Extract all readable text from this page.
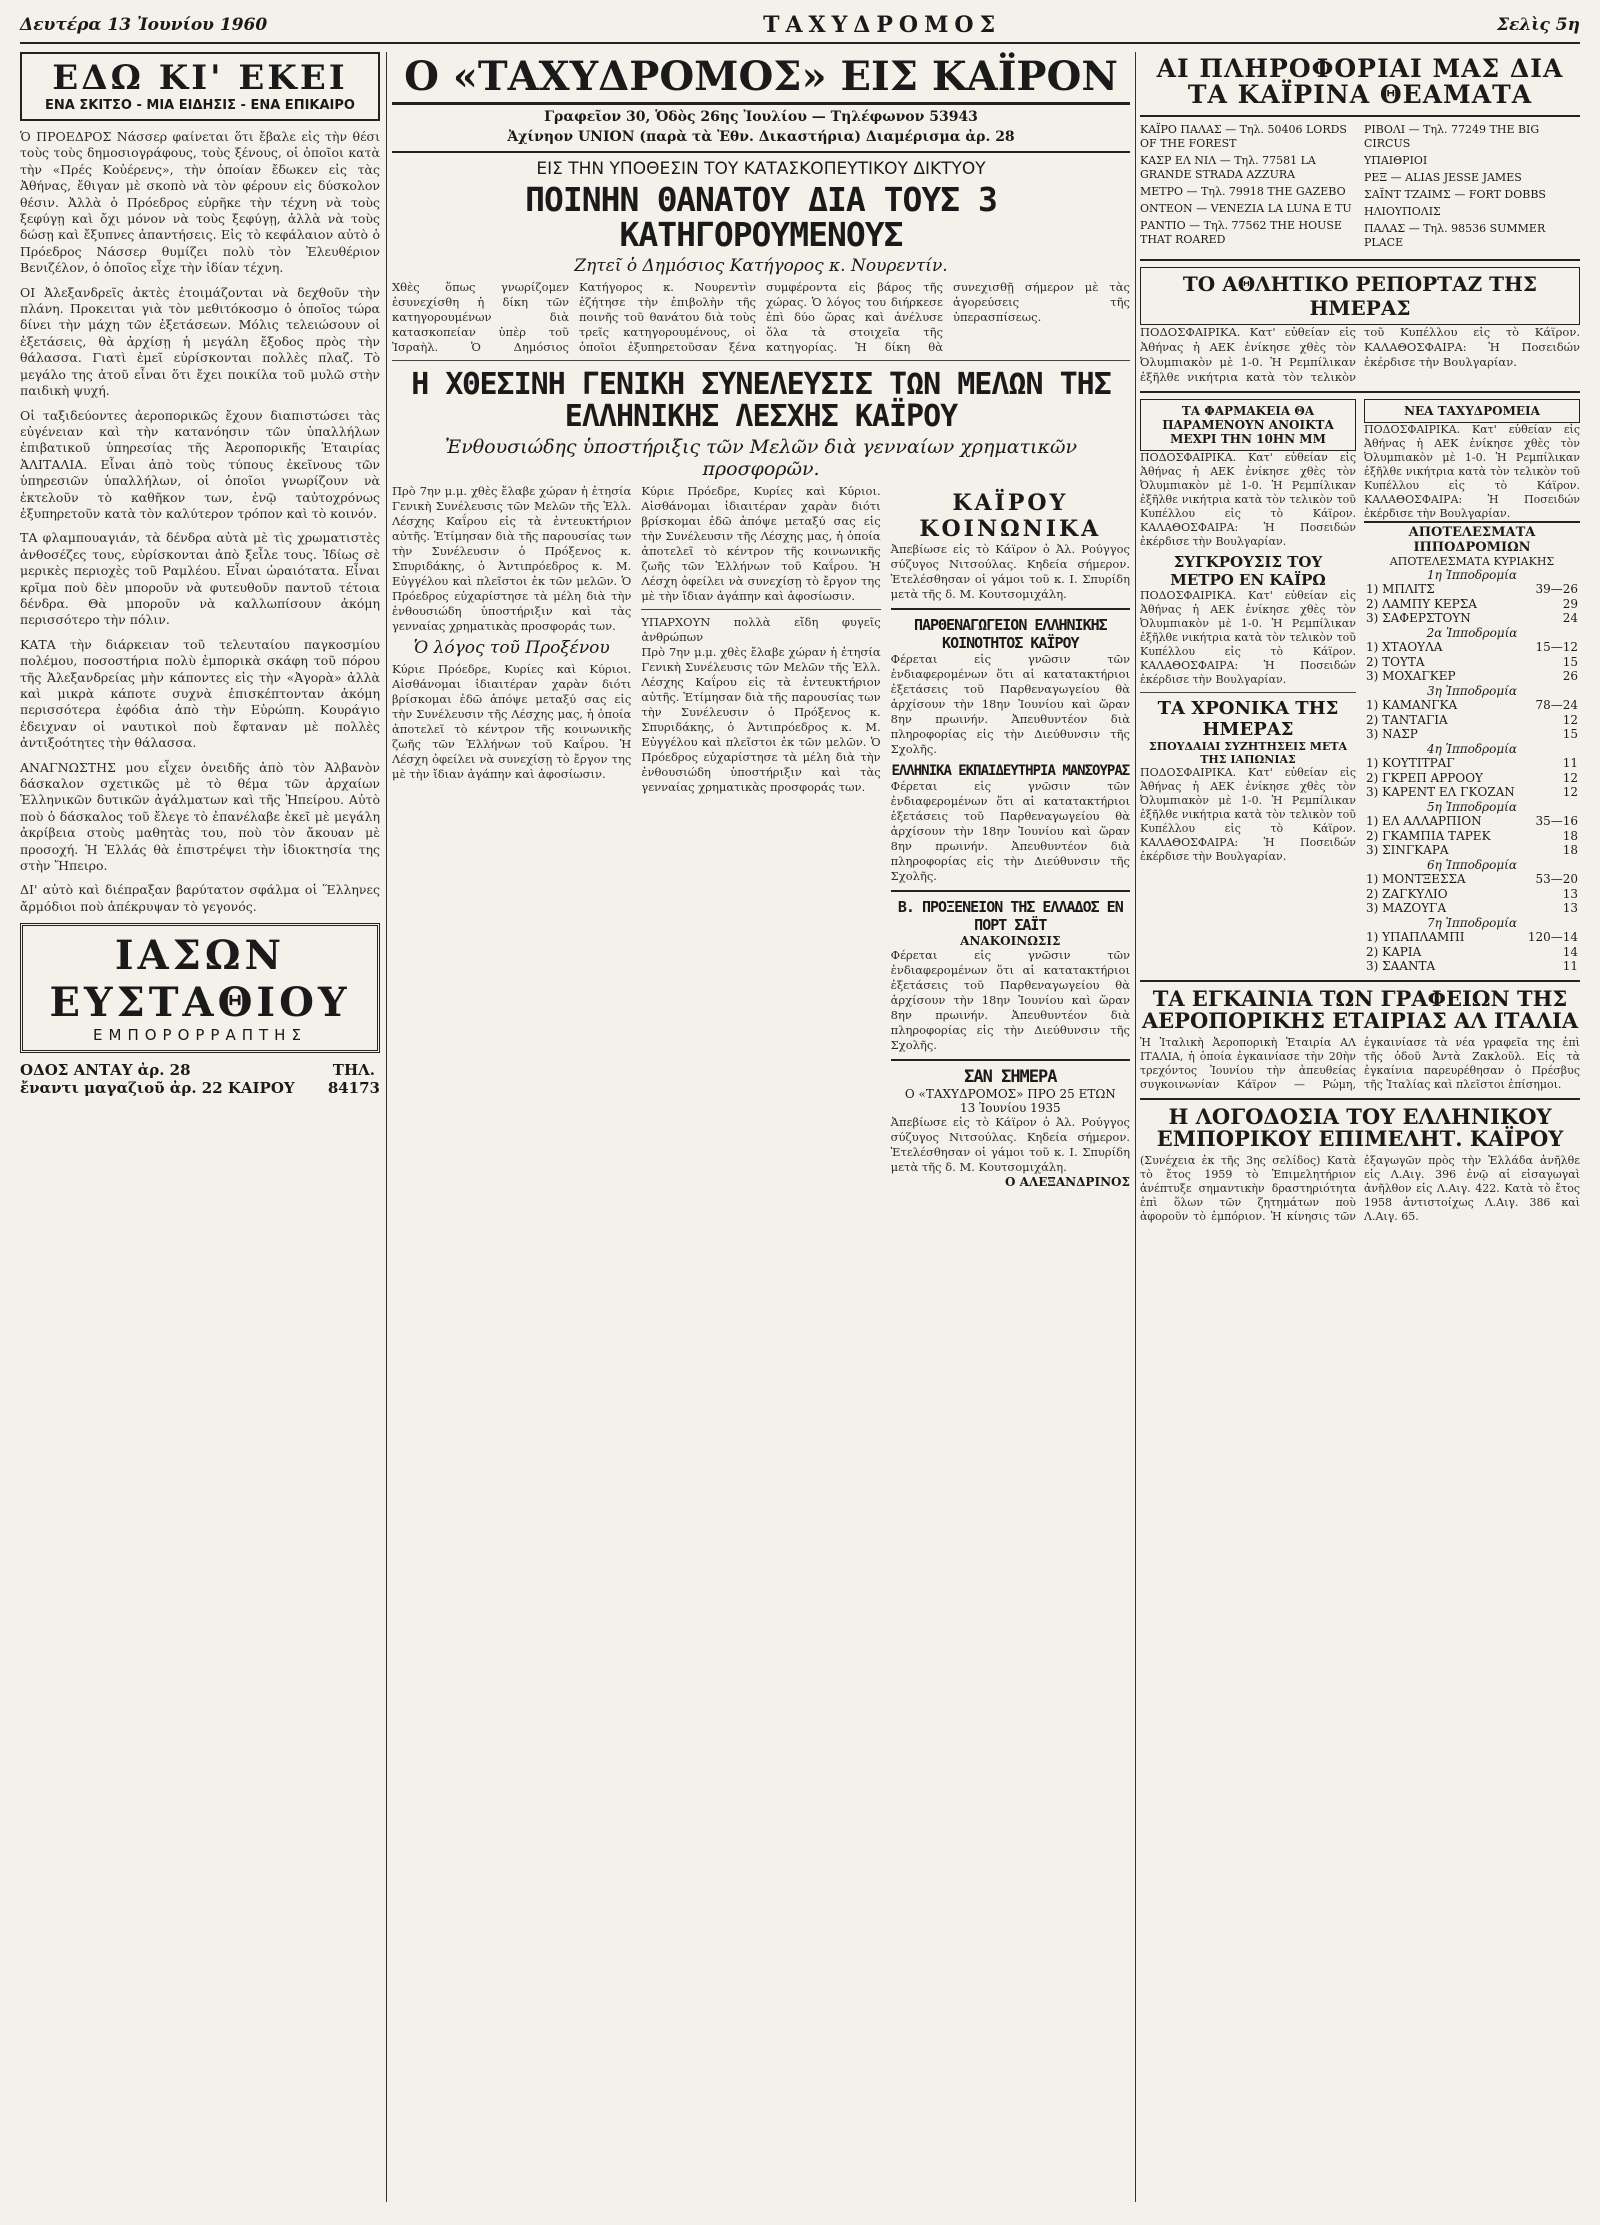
Δευτέρα 13 Ἰουνίου 1960	ΤΑΧΥΔΡΟΜΟΣ	Σελὶς 5η
ΕΔΩ ΚΙ' ΕΚΕΙ
ΕΝΑ ΣΚΙΤΣΟ - ΜΙΑ ΕΙΔΗΣΙΣ - ΕΝΑ ΕΠΙΚΑΙΡΟ

Ὁ ΠΡΟΕΔΡΟΣ Νάσσερ φαίνεται ὅτι ἔβαλε εἰς τὴν θέσι τοὺς τοὺς δημοσιογράφους, τοὺς ξένους, οἱ ὁποῖοι κατὰ τὴν «Πρές Κοὐέρενς», τὴν ὁποίαν ἔδωκεν εἰς τὰς Ἀθήνας, ἔθιγαν μὲ σκοπὸ νὰ τὸν φέρουν εἰς δύσκολον θέσιν. Ἀλλὰ ὁ Πρόεδρος εὑρῆκε τὴν τέχνη νὰ τοὺς ξεφύγῃ καὶ ὄχι μόνον νὰ τοὺς ξεφύγῃ, ἀλλὰ νὰ τοὺς δώσῃ καὶ ἔξυπνες ἀπαντήσεις. Εἰς τὸ κεφάλαιον αὐτὸ ὁ Πρόεδρος Νάσσερ θυμίζει πολὺ τὸν Ἐλευθέριον Βενιζέλον, ὁ ὁποῖος εἶχε τὴν ἰδίαν τέχνη.

ΟΙ Ἀλεξανδρεῖς ἀκτὲς ἐτοιμάζονται νὰ δεχθοῦν τὴν πλάνη. Προκειται γιὰ τὸν μεθιτόκοσμο ὁ ὁποῖος τώρα δίνει τὴν μάχη τῶν ἐξετάσεων. Μόλις τελειώσουν οἱ ἐξετάσεις, θὰ ἀρχίσῃ ἡ μεγάλη ἔξοδος πρὸς τὴν θάλασσα. Γιατὶ ἐμεῖ εὑρίσκονται πολλὲς πλαζ. Τὸ μεγάλο της ἀτοῦ εἶναι ὅτι ἔχει ποικίλα τοῦ μυλῶ στὴν παιδικὴ ψυχή.

Οἱ ταξιδεύοντες ἀεροπορικῶς ἔχουν διαπιστώσει τὰς εὐγένειαν καὶ τὴν κατανόησιν τῶν ὑπαλλήλων ἐπιβατικοῦ ὑπηρεσίας τῆς Ἀεροπορικῆς Ἑταιρίας ἈΛΙΤΑΛΙΑ. Εἶναι ἀπὸ τοὺς τύπους ἐκεῖνους τῶν ὑπηρεσιῶν ὑπαλλήλων, οἱ ὁποῖοι γνωρίζουν νὰ ἐκτελοῦν τὸ καθῆκον των, ἐνῷ ταὐτοχρόνως ἐξυπηρετοῦν κατὰ τὸν καλύτερον τρόπον καὶ τὸ κοινόν.

ΤΑ φλαμπουαγιάν, τὰ δένδρα αὐτὰ μὲ τὶς χρωματιστὲς ἀνθοσέζες τους, εὑρίσκονται ἀπὸ ξεἶλε τους. Ἰδίως σὲ μερικὲς περιοχὲς τοῦ Ραμλέου. Εἶναι ὡραιότατα. Εἶναι κρῖμα ποὺ δὲν μποροῦν νὰ φυτευθοῦν παντοῦ τέτοια δένδρα. Θὰ μποροῦν νὰ καλλωπίσουν ἀκόμη περισσότερο τὴν πόλιν.

ΚΑΤΑ τὴν διάρκειαν τοῦ τελευταίου παγκοσμίου πολέμου, ποσοστήρια πολὺ ἐμπορικὰ σκάφη τοῦ πόρου τῆς Ἀλεξανδρείας μὴν κάποντες εἰς τὴν «Ἀγορὰ» ἀλλὰ καὶ μικρὰ κάποτε συχνὰ ἐπισκέπτονταν ἀκόμη περισσότερα ἐφόδια ἀπὸ τὴν Εὐρώπη. Κουράγιο ἐδειχναν οἱ ναυτικοὶ ποὺ ἔφταναν μὲ πολλὲς ἀντιξοότητες τὴν θάλασσα.

ΑΝΑΓΝΩΣΤΗΣ μου εἶχεν ὀνειδῆς ἀπὸ τὸν Ἀλβανὸν δάσκαλον σχετικῶς μὲ τὸ θέμα τῶν ἀρχαίων Ἑλληνικῶν δυτικῶν ἀγάλματων καὶ τῆς Ἠπείρου. Αὐτὸ ποὺ ὁ δάσκαλος τοῦ ἔλεγε τὸ ἐπανέλαβε ἐκεῖ μὲ μεγάλη ἀκρίβεια στοὺς μαθητὰς του, ποὺ τὸν ἄκουαν μὲ προσοχή. Ἡ Ἑλλάς θὰ ἐπιστρέψει τὴν ἰδιοκτησία της στὴν Ἤπειρο.

ΔΙ' αὐτὸ καὶ διέπραξαν βαρύτατον σφάλμα οἱ Ἕλληνες ἄρμόδιοι ποὺ ἀπέκρυψαν τὸ γεγονός.

ΙΑΣΩΝ ΕΥΣΤΑΘΙΟΥ
ΕΜΠΟΡΟΡΡΑΠΤΗΣ
ΟΔΟΣ ΑΝΤΑΥ ἀρ. 28
ἔναντι μαγαζιοῦ ἀρ. 22 ΚΑΙΡΟΥ
ΤΗΛ.
84173
Ο «ΤΑΧΥΔΡΟΜΟΣ» ΕΙΣ ΚΑΪΡΟΝ
Γραφεῖον 30, Ὁδὸς 26ης Ἰουλίου — Τηλέφωνον 53943
Ἀχίνηον UNION (παρὰ τὰ Ἐθν. Δικαστήρια) Διαμέρισμα ἀρ. 28
ΕΙΣ ΤΗΝ ΥΠΟΘΕΣΙΝ ΤΟΥ ΚΑΤΑΣΚΟΠΕΥΤΙΚΟΥ ΔΙΚΤΥΟΥ
ΠΟΙΝΗΝ ΘΑΝΑΤΟΥ ΔΙΑ ΤΟΥΣ 3 ΚΑΤΗΓΟΡΟΥΜΕΝΟΥΣ
Ζητεῖ ὁ Δημόσιος Κατήγορος κ. Νουρεντίν.

Χθὲς ὅπως γνωρίζομεν ἐσυνεχίσθη ἡ δίκη τῶν κατηγορουμένων διὰ κατασκοπείαν ὑπὲρ τοῦ Ἰσραὴλ. Ὁ Δημόσιος Κατήγορος κ. Νουρεντὶν ἐζήτησε τὴν ἐπιβολὴν τῆς ποινῆς τοῦ θανάτου διὰ τοὺς τρεῖς κατηγορουμένους, οἱ ὁποῖοι ἐξυπηρετοῦσαν ξένα συμφέροντα εἰς βάρος τῆς χώρας. Ὁ λόγος του διήρκεσε ἐπὶ δύο ὥρας καὶ ἀνέλυσε ὅλα τὰ στοιχεῖα τῆς κατηγορίας. Ἡ δίκη θὰ συνεχισθῇ σήμερον μὲ τὰς ἀγορεύσεις τῆς ὑπερασπίσεως.

Η ΧΘΕΣΙΝΗ ΓΕΝΙΚΗ ΣΥΝΕΛΕΥΣΙΣ ΤΩΝ ΜΕΛΩΝ ΤΗΣ ΕΛΛΗΝΙΚΗΣ ΛΕΣΧΗΣ ΚΑΪΡΟΥ
Ἐνθουσιώδης ὑποστήριξις τῶν Μελῶν διὰ γενναίων χρηματικῶν προσφορῶν.

Πρὸ 7ην μ.μ. χθὲς ἔλαβε χώραν ἡ ἐτησία Γενικὴ Συνέλευσις τῶν Μελῶν τῆς Ἑλλ. Λέσχης Καΐρου εἰς τὰ ἐντευκτήριον αὐτῆς. Ἐτίμησαν διὰ τῆς παρουσίας των τὴν Συνέλευσιν ὁ Πρόξενος κ. Σπυριδάκης, ὁ Ἀντιπρόεδρος κ. Μ. Εὐγγέλου καὶ πλεῖστοι ἐκ τῶν μελῶν. Ὁ Πρόεδρος εὐχαρίστησε τὰ μέλη διὰ τὴν ἐνθουσιώδη ὑποστήριξιν καὶ τὰς γενναίας χρηματικὰς προσφοράς των.

Ὁ λόγος τοῦ Προξένου

Κύριε Πρόεδρε, Κυρίες καὶ Κύριοι. Αἰσθάνομαι ἰδιαιτέραν χαρὰν διότι βρίσκομαι ἐδῶ ἀπόψε μεταξύ σας εἰς τὴν Συνέλευσιν τῆς Λέσχης μας, ἡ ὁποία ἀποτελεῖ τὸ κέντρον τῆς κοινωνικῆς ζωῆς τῶν Ἑλλήνων τοῦ Καΐρου. Ἡ Λέσχη ὀφείλει νὰ συνεχίσῃ τὸ ἔργον της μὲ τὴν ἴδιαν ἀγάπην καὶ ἀφοσίωσιν.

Κύριε Πρόεδρε, Κυρίες καὶ Κύριοι. Αἰσθάνομαι ἰδιαιτέραν χαρὰν διότι βρίσκομαι ἐδῶ ἀπόψε μεταξύ σας εἰς τὴν Συνέλευσιν τῆς Λέσχης μας, ἡ ὁποία ἀποτελεῖ τὸ κέντρον τῆς κοινωνικῆς ζωῆς τῶν Ἑλλήνων τοῦ Καΐρου. Ἡ Λέσχη ὀφείλει νὰ συνεχίσῃ τὸ ἔργον της μὲ τὴν ἴδιαν ἀγάπην καὶ ἀφοσίωσιν.

ΥΠΑΡΧΟΥΝ πολλὰ εἴδη φυγεῖς ἀνθρώπων

Πρὸ 7ην μ.μ. χθὲς ἔλαβε χώραν ἡ ἐτησία Γενικὴ Συνέλευσις τῶν Μελῶν τῆς Ἑλλ. Λέσχης Καΐρου εἰς τὰ ἐντευκτήριον αὐτῆς. Ἐτίμησαν διὰ τῆς παρουσίας των τὴν Συνέλευσιν ὁ Πρόξενος κ. Σπυριδάκης, ὁ Ἀντιπρόεδρος κ. Μ. Εὐγγέλου καὶ πλεῖστοι ἐκ τῶν μελῶν. Ὁ Πρόεδρος εὐχαρίστησε τὰ μέλη διὰ τὴν ἐνθουσιώδη ὑποστήριξιν καὶ τὰς γενναίας χρηματικὰς προσφοράς των.

ΚΑΪΡΟΥ ΚΟΙΝΩΝΙΚΑ

Ἀπεβίωσε εἰς τὸ Κάϊρον ὁ Ἀλ. Ρούγγος σύζυγος Νιτσούλας. Κηδεία σήμερον. Ἐτελέσθησαν οἱ γάμοι τοῦ κ. Ι. Σπυρίδη μετὰ τῆς δ. Μ. Κουτσομιχάλη.

ΠΑΡΘΕΝΑΓΩΓΕΙΟΝ ΕΛΛΗΝΙΚΗΣ ΚΟΙΝΟΤΗΤΟΣ ΚΑΪΡΟΥ

Φέρεται εἰς γνῶσιν τῶν ἐνδιαφερομένων ὅτι αἱ κατατακτήριοι ἐξετάσεις τοῦ Παρθεναγωγείου θὰ ἀρχίσουν τὴν 18ην Ἰουνίου καὶ ὥραν 8ην πρωινήν. Ἀπευθυντέον διὰ πληροφορίας εἰς τὴν Διεύθυνσιν τῆς Σχολῆς.

ΕΛΛΗΝΙΚΑ ΕΚΠΑΙΔΕΥΤΗΡΙΑ ΜΑΝΣΟΥΡΑΣ

Φέρεται εἰς γνῶσιν τῶν ἐνδιαφερομένων ὅτι αἱ κατατακτήριοι ἐξετάσεις τοῦ Παρθεναγωγείου θὰ ἀρχίσουν τὴν 18ην Ἰουνίου καὶ ὥραν 8ην πρωινήν. Ἀπευθυντέον διὰ πληροφορίας εἰς τὴν Διεύθυνσιν τῆς Σχολῆς.

Β. ΠΡΟΞΕΝΕΙΟΝ ΤΗΣ ΕΛΛΑΔΟΣ ΕΝ ΠΟΡΤ ΣΑΪΤ
ΑΝΑΚΟΙΝΩΣΙΣ

Φέρεται εἰς γνῶσιν τῶν ἐνδιαφερομένων ὅτι αἱ κατατακτήριοι ἐξετάσεις τοῦ Παρθεναγωγείου θὰ ἀρχίσουν τὴν 18ην Ἰουνίου καὶ ὥραν 8ην πρωινήν. Ἀπευθυντέον διὰ πληροφορίας εἰς τὴν Διεύθυνσιν τῆς Σχολῆς.

ΣΑΝ ΣΗΜΕΡΑ
Ο «ΤΑΧΥΔΡΟΜΟΣ» ΠΡΟ 25 ΕΤΩΝ
13 Ἰουνίου 1935

Ἀπεβίωσε εἰς τὸ Κάϊρον ὁ Ἀλ. Ρούγγος σύζυγος Νιτσούλας. Κηδεία σήμερον. Ἐτελέσθησαν οἱ γάμοι τοῦ κ. Ι. Σπυρίδη μετὰ τῆς δ. Μ. Κουτσομιχάλη.

Ο ΑΛΕΞΑΝΔΡΙΝΟΣ
ΑΙ ΠΛΗΡΟΦΟΡΙΑΙ ΜΑΣ ΔΙΑ ΤΑ ΚΑΪΡΙΝΑ ΘΕΑΜΑΤΑ
ΚΑΪΡΟ ΠΑΛΑΣ — Τηλ. 50406 LORDS OF THE FOREST
ΚΑΣΡ ΕΛ ΝΙΛ — Τηλ. 77581 LA GRANDE STRADA AZZURA
ΜΕΤΡΟ — Τηλ. 79918 THE GAZEBO
ΟΝΤΕΟΝ — VENEZIA LA LUNA E TU
ΡΑΝΤΙΟ — Τηλ. 77562 THE HOUSE THAT ROARED
ΡΙΒΟΛΙ — Τηλ. 77249 THE BIG CIRCUS
ΥΠΑΙΘΡΙΟΙ
ΡΕΞ — ALIAS JESSE JAMES
ΣΑΪΝΤ ΤΖΑΙΜΣ — FORT DOBBS
ΗΛΙΟΥΠΟΛΙΣ
ΠΑΛΑΣ — Τηλ. 98536 SUMMER PLACE
ΤΟ ΑΘΛΗΤΙΚΟ ΡΕΠΟΡΤΑΖ ΤΗΣ ΗΜΕΡΑΣ

ΠΟΔΟΣΦΑΙΡΙΚΑ. Κατ' εὐθείαν εἰς Ἀθήνας ἡ ΑΕΚ ἐνίκησε χθὲς τὸν Ὀλυμπιακὸν μὲ 1-0. Ἡ Ρεμπίλικαν ἐξῆλθε νικήτρια κατὰ τὸν τελικὸν τοῦ Κυπέλλου εἰς τὸ Κάϊρον. ΚΑΛΑΘΟΣΦΑΙΡΑ: Ἡ Ποσειδών ἐκέρδισε τὴν Βουλγαρίαν.

ΤΑ ΦΑΡΜΑΚΕΙΑ ΘΑ ΠΑΡΑΜΕΝΟΥΝ ΑΝΟΙΚΤΑ ΜΕΧΡΙ ΤΗΝ 10ΗΝ ΜΜ

ΠΟΔΟΣΦΑΙΡΙΚΑ. Κατ' εὐθείαν εἰς Ἀθήνας ἡ ΑΕΚ ἐνίκησε χθὲς τὸν Ὀλυμπιακὸν μὲ 1-0. Ἡ Ρεμπίλικαν ἐξῆλθε νικήτρια κατὰ τὸν τελικὸν τοῦ Κυπέλλου εἰς τὸ Κάϊρον. ΚΑΛΑΘΟΣΦΑΙΡΑ: Ἡ Ποσειδών ἐκέρδισε τὴν Βουλγαρίαν.

ΣΥΓΚΡΟΥΣΙΣ ΤΟΥ ΜΕΤΡΟ ΕΝ ΚΑΪΡΩ

ΠΟΔΟΣΦΑΙΡΙΚΑ. Κατ' εὐθείαν εἰς Ἀθήνας ἡ ΑΕΚ ἐνίκησε χθὲς τὸν Ὀλυμπιακὸν μὲ 1-0. Ἡ Ρεμπίλικαν ἐξῆλθε νικήτρια κατὰ τὸν τελικὸν τοῦ Κυπέλλου εἰς τὸ Κάϊρον. ΚΑΛΑΘΟΣΦΑΙΡΑ: Ἡ Ποσειδών ἐκέρδισε τὴν Βουλγαρίαν.

ΤΑ ΧΡΟΝΙΚΑ ΤΗΣ ΗΜΕΡΑΣ
ΣΠΟΥΔΑΙΑΙ ΣΥΖΗΤΗΣΕΙΣ ΜΕΤΑ ΤΗΣ ΙΑΠΩΝΙΑΣ

ΠΟΔΟΣΦΑΙΡΙΚΑ. Κατ' εὐθείαν εἰς Ἀθήνας ἡ ΑΕΚ ἐνίκησε χθὲς τὸν Ὀλυμπιακὸν μὲ 1-0. Ἡ Ρεμπίλικαν ἐξῆλθε νικήτρια κατὰ τὸν τελικὸν τοῦ Κυπέλλου εἰς τὸ Κάϊρον. ΚΑΛΑΘΟΣΦΑΙΡΑ: Ἡ Ποσειδών ἐκέρδισε τὴν Βουλγαρίαν.

ΝΕΑ ΤΑΧΥΔΡΟΜΕΙΑ

ΠΟΔΟΣΦΑΙΡΙΚΑ. Κατ' εὐθείαν εἰς Ἀθήνας ἡ ΑΕΚ ἐνίκησε χθὲς τὸν Ὀλυμπιακὸν μὲ 1-0. Ἡ Ρεμπίλικαν ἐξῆλθε νικήτρια κατὰ τὸν τελικὸν τοῦ Κυπέλλου εἰς τὸ Κάϊρον. ΚΑΛΑΘΟΣΦΑΙΡΑ: Ἡ Ποσειδών ἐκέρδισε τὴν Βουλγαρίαν.

ΑΠΟΤΕΛΕΣΜΑΤΑ ΙΠΠΟΔΡΟΜΙΩΝ
ΑΠΟΤΕΛΕΣΜΑΤΑ ΚΥΡΙΑΚΗΣ
1η Ἱπποδρομία	
1) ΜΠΛΙΤΣ	39—26
2) ΛΑΜΠΥ ΚΕΡΣΑ	29
3) ΣΑΦΕΡΣΤΟΥΝ	24
2α Ἱπποδρομία	
1) ΧΤΑΟΥΛΑ	15—12
2) ΤΟΥΤΑ	15
3) ΜΟΧΑΓΚΕΡ	26
3η Ἱπποδρομία	
1) ΚΑΜΑΝΓΚΑ	78—24
2) ΤΑΝΤΑΓΙΑ	12
3) ΝΑΣΡ	15
4η Ἱπποδρομία	
1) ΚΟΥΤΙΤΡΑΓ	11
2) ΓΚΡΕΠ ΑΡΡΟΟΥ	12
3) ΚΑΡΕΝΤ ΕΛ ΓΚΟΖΑΝ	12
5η Ἱπποδρομία	
1) ΕΛ ΑΛΛΑΡΠΙΟΝ	35—16
2) ΓΚΑΜΠΙΑ ΤΑΡΕΚ	18
3) ΣΙΝΓΚΑΡΑ	18
6η Ἱπποδρομία	
1) ΜΟΝΤΞΕΣΣΑ	53—20
2) ΖΑΓΚΥΛΙΟ	13
3) ΜΑΖΟΥΓΑ	13
7η Ἱπποδρομία	
1) ΥΠΑΠΛΑΜΠΙ	120—14
2) ΚΑΡΙΑ	14
3) ΣΑΑΝΤΑ	11
ΤΑ ΕΓΚΑΙΝΙΑ ΤΩΝ ΓΡΑΦΕΙΩΝ ΤΗΣ ΑΕΡΟΠΟΡΙΚΗΣ ΕΤΑΙΡΙΑΣ ΑΛ ΙΤΑΛΙΑ

Ἡ Ἰταλικὴ Ἀεροπορικὴ Ἑταιρία ΑΛ ΙΤΑΛΙΑ, ἡ ὁποία ἐγκαινίασε τὴν 20ὴν τρεχόντος Ἰουνίου τὴν ἀπευθείας συγκοινωνίαν Κάϊρον — Ρώμη, ἐγκαινίασε τὰ νέα γραφεῖα της ἐπὶ τῆς ὁδοῦ Ἀντὰ Ζακλοῦλ. Εἰς τὰ ἐγκαίνια παρευρέθησαν ὁ Πρέσβυς τῆς Ἰταλίας καὶ πλεῖστοι ἐπίσημοι.

Η ΛΟΓΟΔΟΣΙΑ ΤΟΥ ΕΛΛΗΝΙΚΟΥ ΕΜΠΟΡΙΚΟΥ ΕΠΙΜΕΛΗΤ. ΚΑΪΡΟΥ

(Συνέχεια ἐκ τῆς 3ης σελίδος) Κατὰ τὸ ἔτος 1959 τὸ Ἐπιμελητήριον ἀνέπτυξε σημαντικὴν δραστηριότητα ἐπὶ ὅλων τῶν ζητημάτων ποὺ ἀφοροῦν τὸ ἐμπόριον. Ἡ κίνησις τῶν ἐξαγωγῶν πρὸς τὴν Ἑλλάδα ἀνῆλθε εἰς Λ.Αιγ. 396 ἐνῷ αἱ εἰσαγωγαὶ ἀνῆλθον εἰς Λ.Αιγ. 422. Κατὰ τὸ ἔτος 1958 ἀντιστοίχως Λ.Αιγ. 386 καὶ Λ.Αιγ. 65.
